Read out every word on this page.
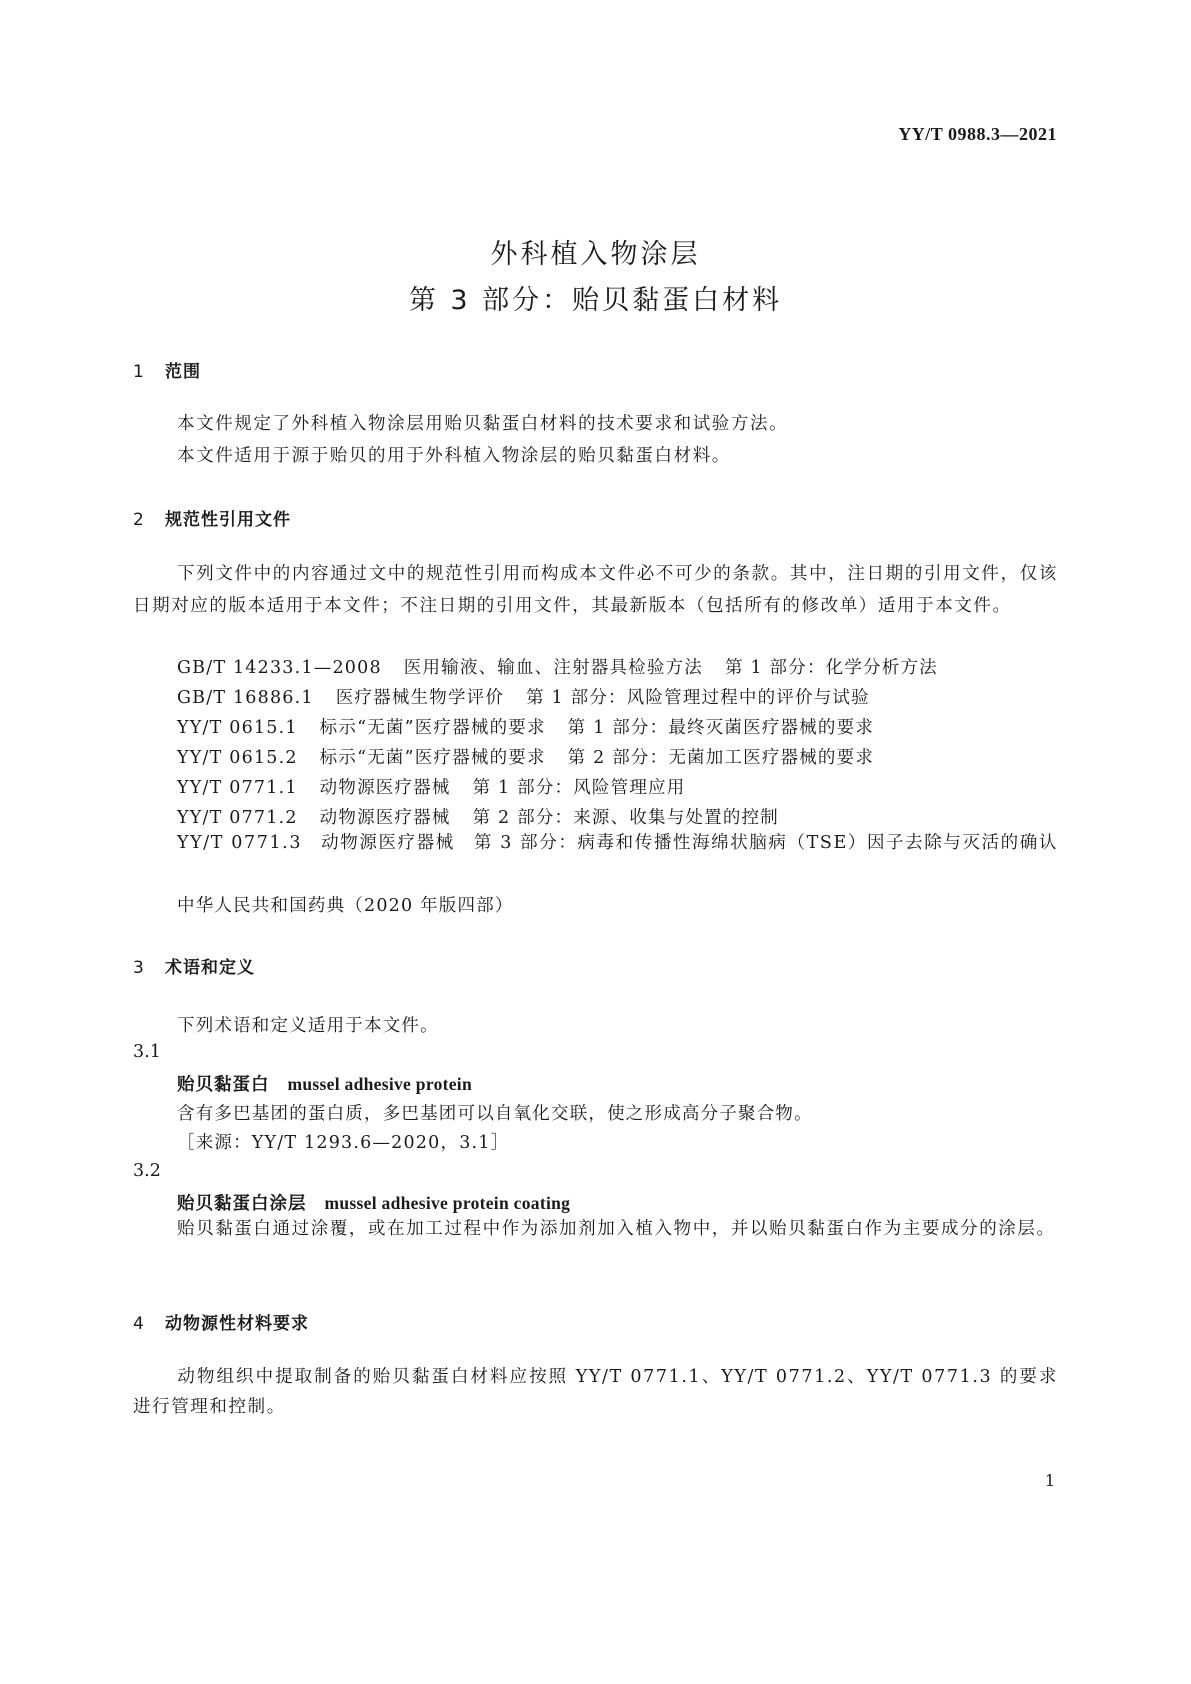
YY/T 0988.3—2021
外科植入物涂层
第 3 部分：贻贝黏蛋白材料
1 范围
本文件规定了外科植入物涂层用贻贝黏蛋白材料的技术要求和试验方法。
本文件适用于源于贻贝的用于外科植入物涂层的贻贝黏蛋白材料。
2 规范性引用文件
下列文件中的内容通过文中的规范性引用而构成本文件必不可少的条款。其中，注日期的引用文件，仅该日期对应的版本适用于本文件；不注日期的引用文件，其最新版本（包括所有的修改单）适用于本文件。
GB/T 14233.1—2008 医用输液、输血、注射器具检验方法 第 1 部分：化学分析方法
GB/T 16886.1 医疗器械生物学评价 第 1 部分：风险管理过程中的评价与试验
YY/T 0615.1 标示“无菌”医疗器械的要求 第 1 部分：最终灭菌医疗器械的要求
YY/T 0615.2 标示“无菌”医疗器械的要求 第 2 部分：无菌加工医疗器械的要求
YY/T 0771.1 动物源医疗器械 第 1 部分：风险管理应用
YY/T 0771.2 动物源医疗器械 第 2 部分：来源、收集与处置的控制
YY/T 0771.3　动物源医疗器械　第 3 部分：病毒和传播性海绵状脑病（TSE）因子去除与灭活的确认
中华人民共和国药典（2020 年版四部）
3 术语和定义
下列术语和定义适用于本文件。
3.1
贻贝黏蛋白 mussel adhesive protein
含有多巴基团的蛋白质，多巴基团可以自氧化交联，使之形成高分子聚合物。
［来源：YY/T 1293.6—2020，3.1］
3.2
贻贝黏蛋白涂层 mussel adhesive protein coating
贻贝黏蛋白通过涂覆，或在加工过程中作为添加剂加入植入物中，并以贻贝黏蛋白作为主要成分的涂层。
4 动物源性材料要求
动物组织中提取制备的贻贝黏蛋白材料应按照 YY/T 0771.1、YY/T 0771.2、YY/T 0771.3 的要求进行管理和控制。
1
